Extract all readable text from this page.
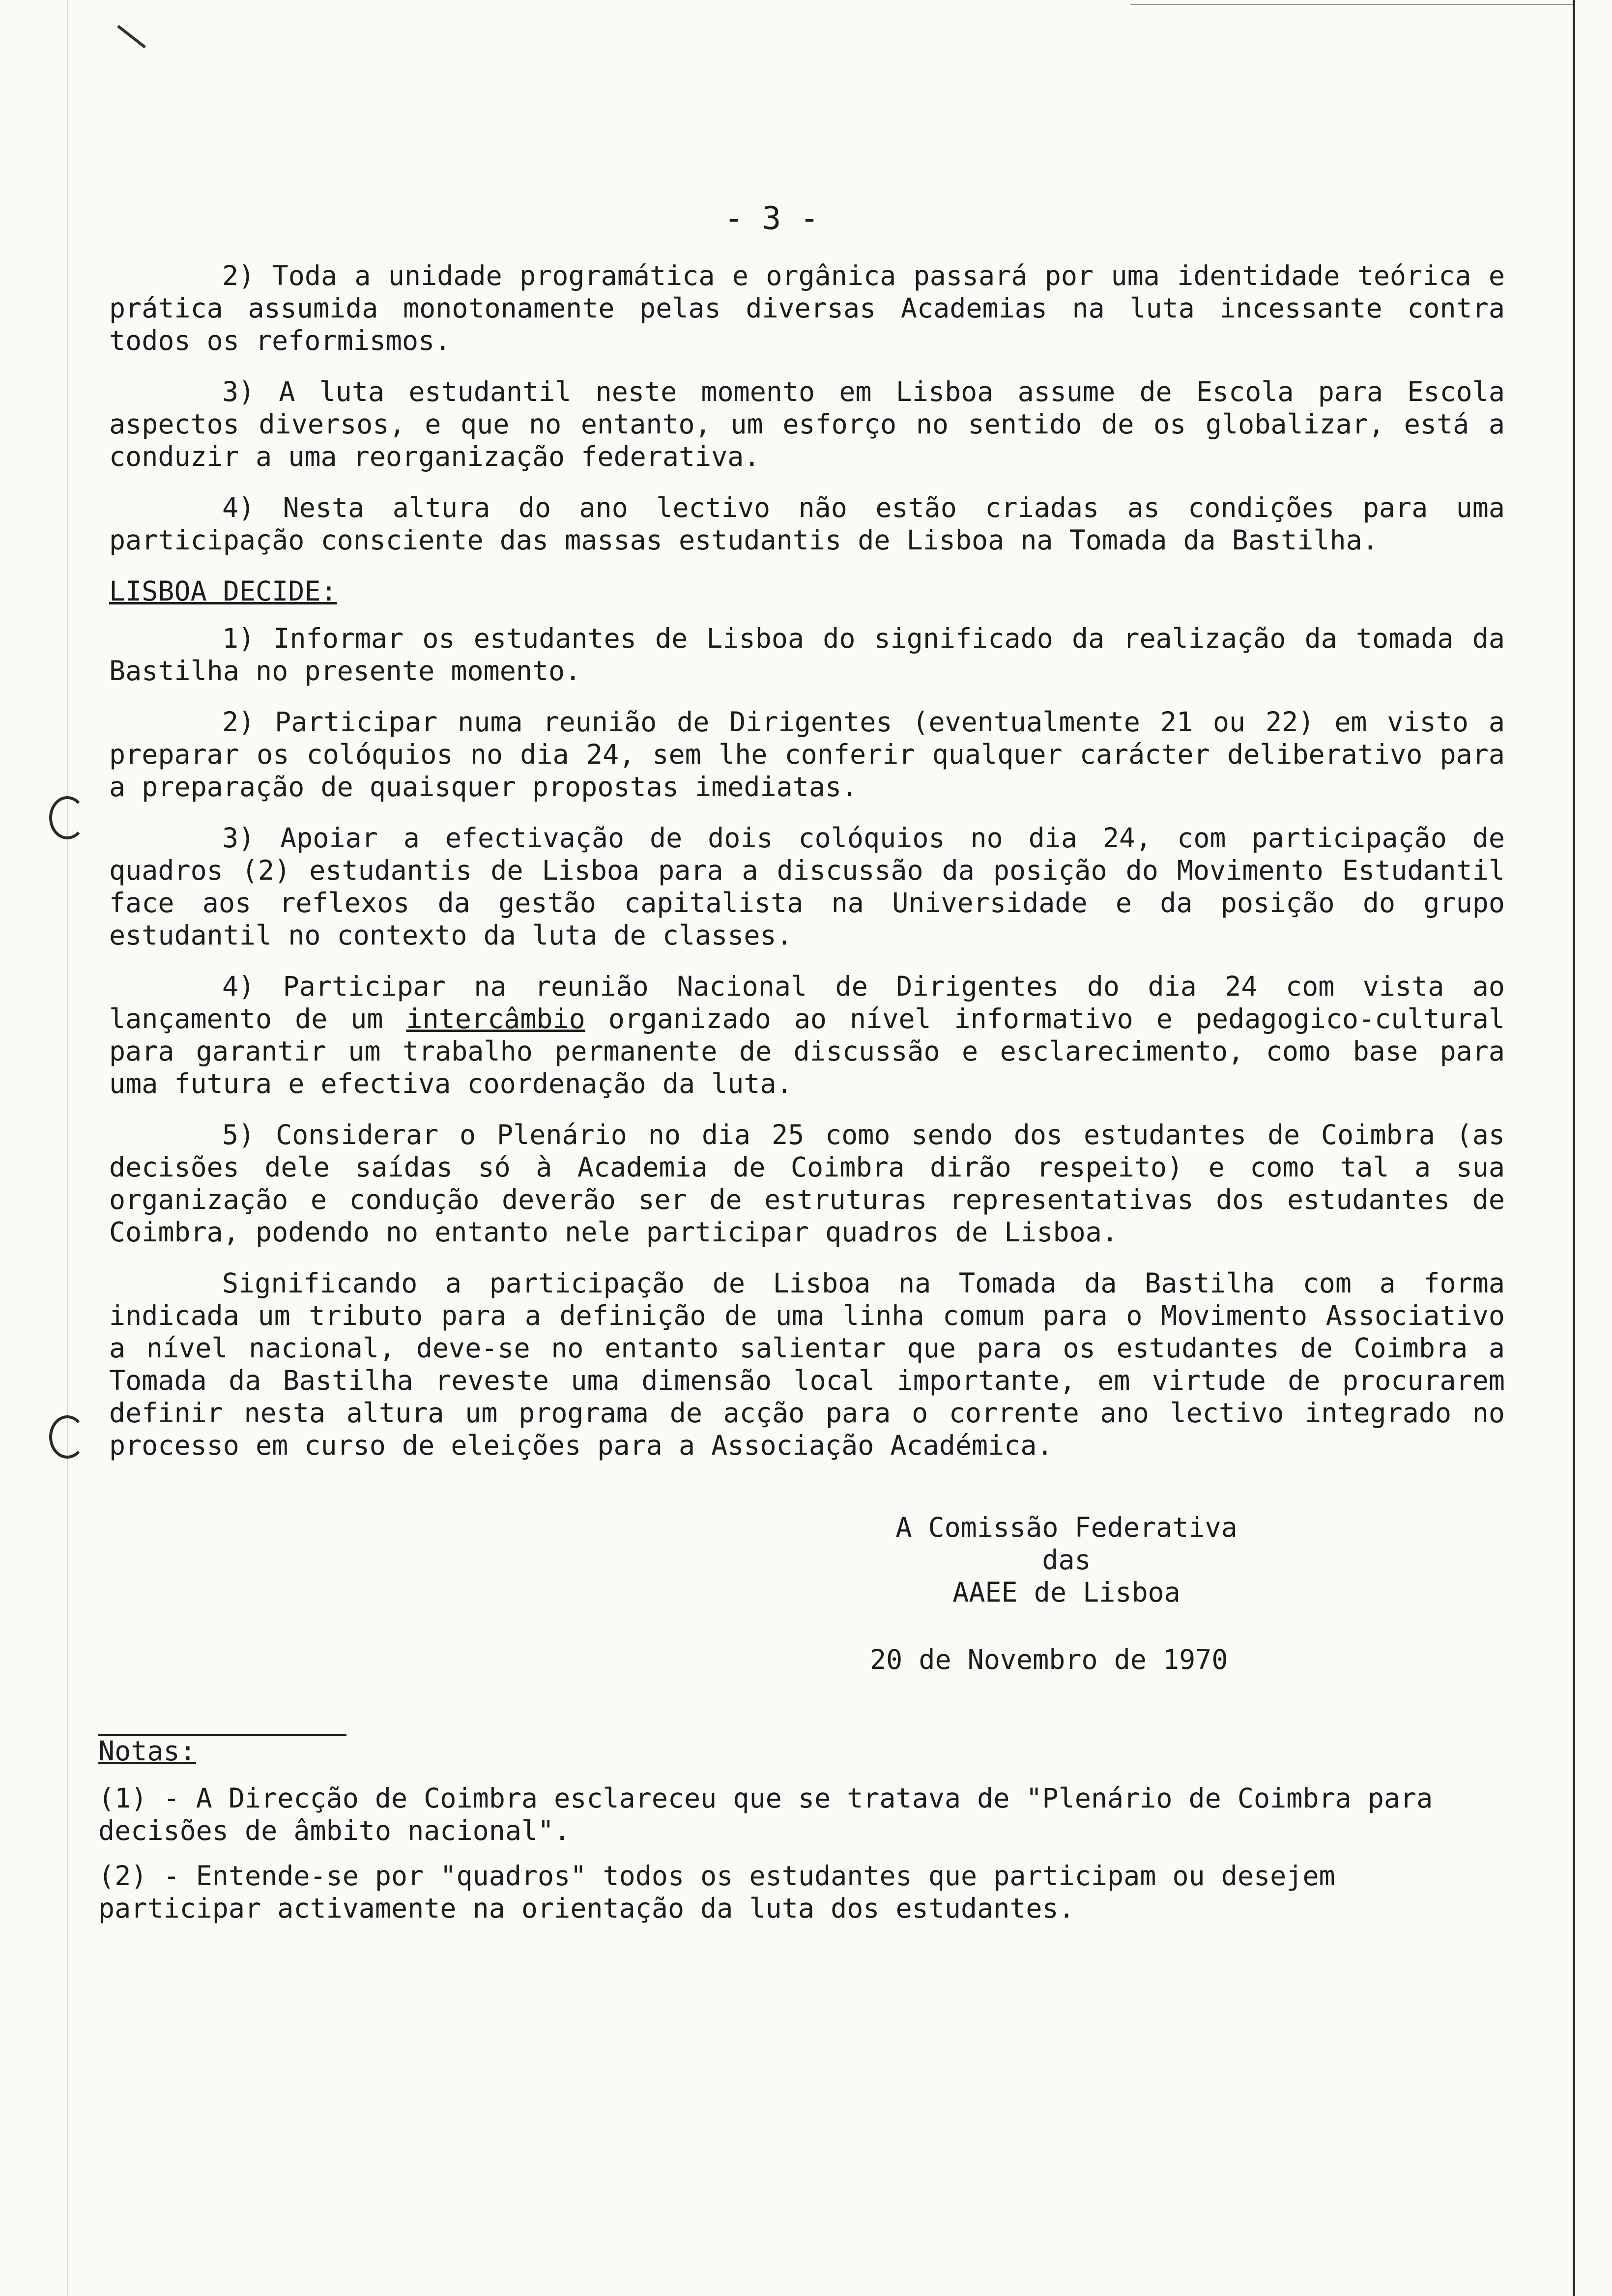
- 3 -

2) Toda a unidade programática e orgânica passará por uma identidade teórica e prática assumida monotonamente pelas diversas Academias na luta incessante contra todos os reformismos.

3) A luta estudantil neste momento em Lisboa assume de Escola para Escola aspectos diversos, e que no entanto, um esforço no sentido de os globalizar, está a conduzir a uma reorganização federativa.

4) Nesta altura do ano lectivo não estão criadas as condições para uma participação consciente das massas estudantis de Lisboa na Tomada da Bastilha.

LISBOA DECIDE:

1) Informar os estudantes de Lisboa do significado da realização da tomada da Bastilha no presente momento.

2) Participar numa reunião de Dirigentes (eventualmente 21 ou 22) em visto a preparar os colóquios no dia 24, sem lhe conferir qualquer carácter deliberativo para a preparação de quaisquer propostas imediatas.

3) Apoiar a efectivação de dois colóquios no dia 24, com participação de quadros (2) estudantis de Lisboa para a discussão da posição do Movimento Estudantil face aos reflexos da gestão capitalista na Universidade e da posição do grupo estudantil no contexto da luta de classes.

4) Participar na reunião Nacional de Dirigentes do dia 24 com vista ao lançamento de um intercâmbio organizado ao nível informativo e pedagogico-cultural para garantir um trabalho permanente de discussão e esclarecimento, como base para uma futura e efectiva coordenação da luta.

5) Considerar o Plenário no dia 25 como sendo dos estudantes de Coimbra (as decisões dele saídas só à Academia de Coimbra dirão respeito) e como tal a sua organização e condução deverão ser de estruturas representativas dos estudantes de Coimbra, podendo no entanto nele participar quadros de Lisboa.

Significando a participação de Lisboa na Tomada da Bastilha com a forma indicada um tributo para a definição de uma linha comum para o Movimento Associativo a nível nacional, deve-se no entanto salientar que para os estudantes de Coimbra a Tomada da Bastilha reveste uma dimensão local importante, em virtude de procurarem definir nesta altura um programa de acção para o corrente ano lectivo integrado no processo em curso de eleições para a Associação Académica.

A Comissão Federativa
das
AAEE de Lisboa
20 de Novembro de 1970

Notas:

(1) - A Direcção de Coimbra esclareceu que se tratava de "Plenário de Coimbra para decisões de âmbito nacional".

(2) - Entende-se por "quadros" todos os estudantes que participam ou desejem participar activamente na orientação da luta dos estudantes.
